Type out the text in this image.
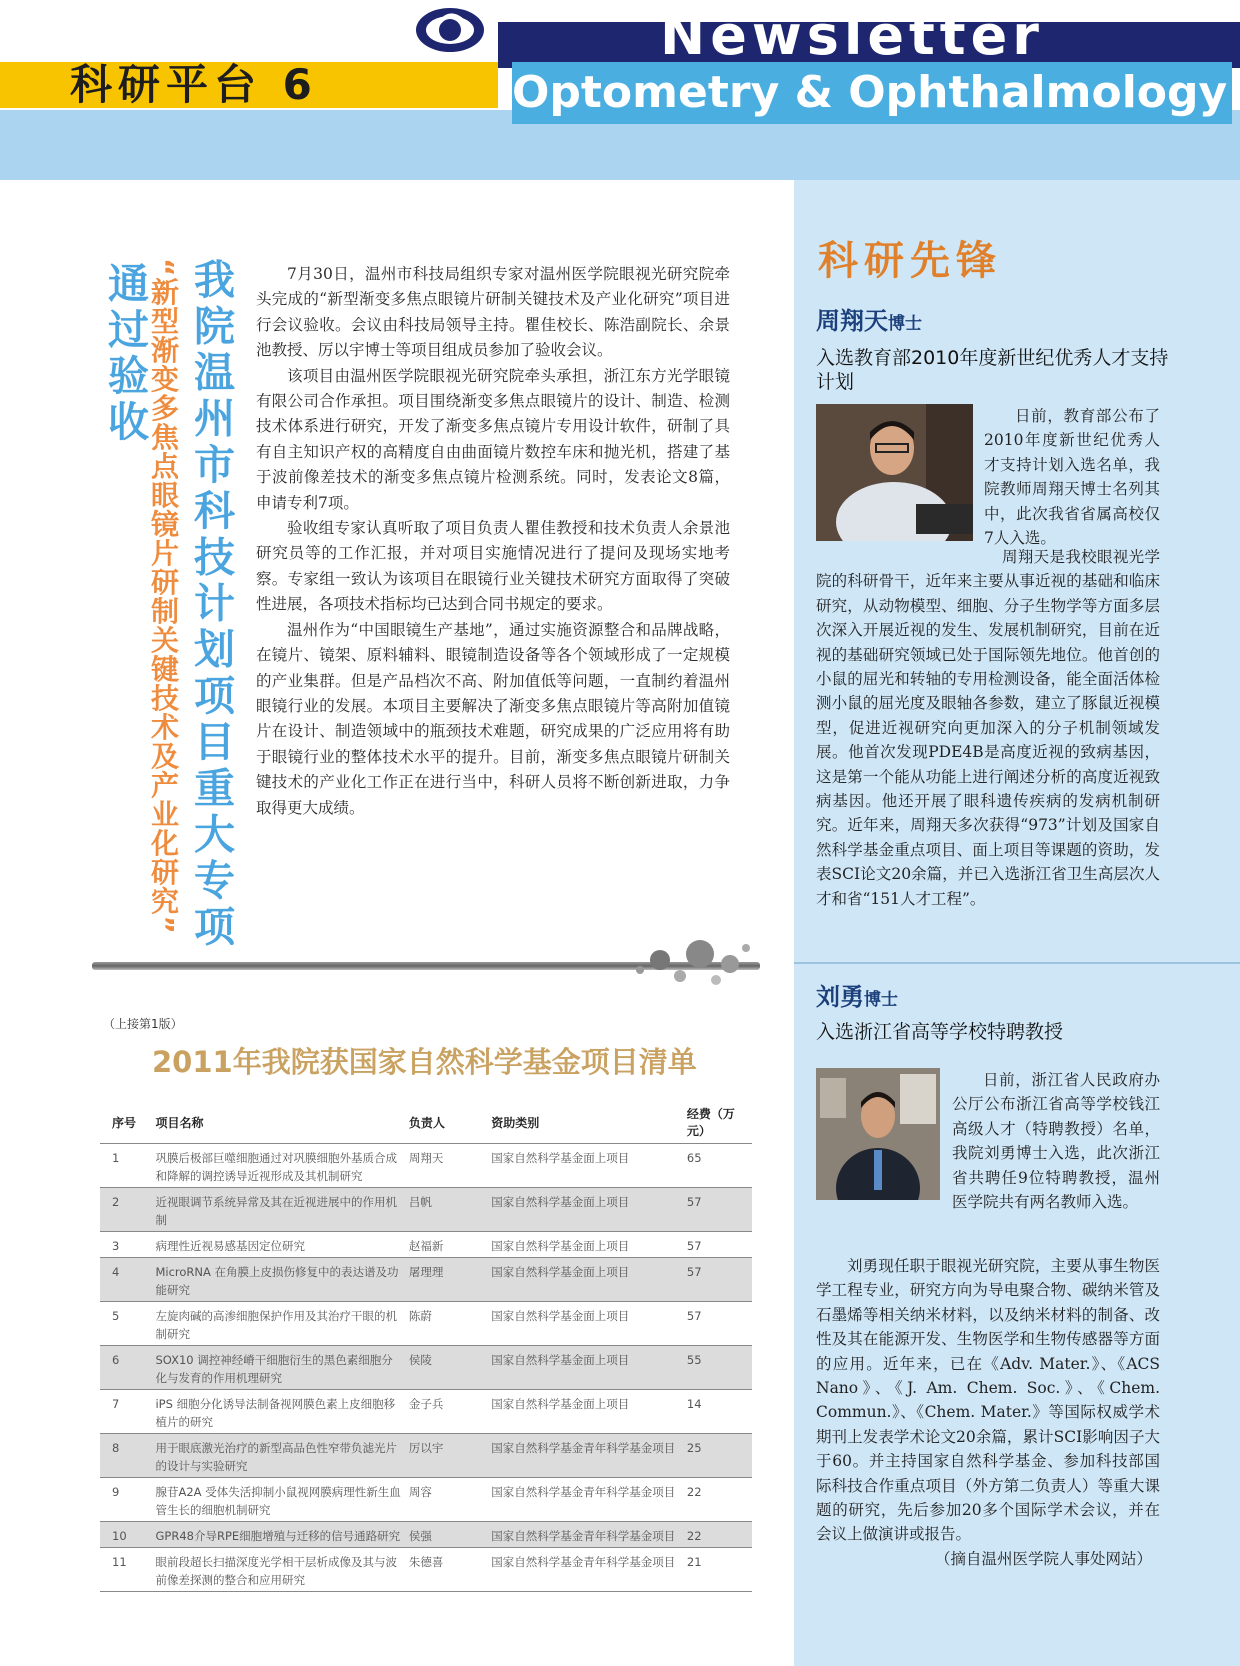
Newsletter
Optometry & Ophthalmology
科研平台 6
科研先锋
周翔天博士
入选教育部2010年度新世纪优秀人才支持计划

日前，教育部公布了2010年度新世纪优秀人才支持计划入选名单，我院教师周翔天博士名列其中，此次我省省属高校仅7人入选。

周翔天是我校眼视光学院的科研骨干，近年来主要从事近视的基础和临床研究，从动物模型、细胞、分子生物学等方面多层次深入开展近视的发生、发展机制研究，目前在近视的基础研究领域已处于国际领先地位。他首创的小鼠的屈光和转轴的专用检测设备，能全面活体检测小鼠的屈光度及眼轴各参数，建立了豚鼠近视模型，促进近视研究向更加深入的分子机制领域发展。他首次发现PDE4B是高度近视的致病基因，这是第一个能从功能上进行阐述分析的高度近视致病基因。他还开展了眼科遗传疾病的发病机制研究。近年来，周翔天多次获得“973”计划及国家自然科学基金重点项目、面上项目等课题的资助，发表SCI论文20余篇，并已入选浙江省卫生高层次人才和省“151人才工程”。

刘勇博士
入选浙江省高等学校特聘教授

日前，浙江省人民政府办公厅公布浙江省高等学校钱江高级人才（特聘教授）名单，我院刘勇博士入选，此次浙江省共聘任9位特聘教授，温州医学院共有两名教师入选。

刘勇现任职于眼视光研究院，主要从事生物医学工程专业，研究方向为导电聚合物、碳纳米管及石墨烯等相关纳米材料，以及纳米材料的制备、改性及其在能源开发、生物医学和生物传感器等方面的应用。近年来，已在《Adv. Mater.》、《ACS Nano》、《J. Am. Chem. Soc.》、《Chem. Commun.》、《Chem. Mater.》等国际权威学术期刊上发表学术论文20余篇，累计SCI影响因子大于60。并主持国家自然科学基金、参加科技部国际科技合作重点项目（外方第二负责人）等重大课题的研究，先后参加20多个国际学术会议，并在会议上做演讲或报告。

（摘自温州医学院人事处网站）

我院温州市科技计划项目重大专项
“新型渐变多焦点眼镜片研制关键技术及产业化研究”
通过验收	7月30日，温州市科技局组织专家对温州医学院眼视光研究院牵头完成的“新型渐变多焦点眼镜片研制关键技术及产业化研究”项目进行会议验收。会议由科技局领导主持。瞿佳校长、陈浩副院长、余景池教授、厉以宇博士等项目组成员参加了验收会议。

该项目由温州医学院眼视光研究院牵头承担，浙江东方光学眼镜有限公司合作承担。项目围绕渐变多焦点眼镜片的设计、制造、检测技术体系进行研究，开发了渐变多焦点镜片专用设计软件，研制了具有自主知识产权的高精度自由曲面镜片数控车床和抛光机，搭建了基于波前像差技术的渐变多焦点镜片检测系统。同时，发表论文8篇，申请专利7项。

验收组专家认真听取了项目负责人瞿佳教授和技术负责人余景池研究员等的工作汇报，并对项目实施情况进行了提问及现场实地考察。专家组一致认为该项目在眼镜行业关键技术研究方面取得了突破性进展，各项技术指标均已达到合同书规定的要求。

温州作为“中国眼镜生产基地”，通过实施资源整合和品牌战略，在镜片、镜架、原料辅料、眼镜制造设备等各个领域形成了一定规模的产业集群。但是产品档次不高、附加值低等问题，一直制约着温州眼镜行业的发展。本项目主要解决了渐变多焦点眼镜片等高附加值镜片在设计、制造领域中的瓶颈技术难题，研究成果的广泛应用将有助于眼镜行业的整体技术水平的提升。目前，渐变多焦点眼镜片研制关键技术的产业化工作正在进行当中，科研人员将不断创新进取，力争取得更大成绩。

（上接第1版）
2011年我院获国家自然科学基金项目清单
序号	项目名称	负责人	资助类别	经费（万元）
1	巩膜后极部巨噬细胞通过对巩膜细胞外基质合成和降解的调控诱导近视形成及其机制研究	周翔天	国家自然科学基金面上项目	65
2	近视眼调节系统异常及其在近视进展中的作用机制	吕帆	国家自然科学基金面上项目	57
3	病理性近视易感基因定位研究	赵福新	国家自然科学基金面上项目	57
4	MicroRNA 在角膜上皮损伤修复中的表达谱及功能研究	屠理理	国家自然科学基金面上项目	57
5	左旋肉碱的高渗细胞保护作用及其治疗干眼的机制研究	陈蔚	国家自然科学基金面上项目	57
6	SOX10 调控神经嵴干细胞衍生的黑色素细胞分化与发育的作用机理研究	侯陵	国家自然科学基金面上项目	55
7	iPS 细胞分化诱导法制备视网膜色素上皮细胞移植片的研究	金子兵	国家自然科学基金面上项目	14
8	用于眼底激光治疗的新型高品色性窄带负滤光片的设计与实验研究	厉以宇	国家自然科学基金青年科学基金项目	25
9	腺苷A2A 受体失活抑制小鼠视网膜病理性新生血管生长的细胞机制研究	周容	国家自然科学基金青年科学基金项目	22
10	GPR48介导RPE细胞增殖与迁移的信号通路研究	侯强	国家自然科学基金青年科学基金项目	22
11	眼前段超长扫描深度光学相干层析成像及其与波前像差探测的整合和应用研究	朱德喜	国家自然科学基金青年科学基金项目	21
